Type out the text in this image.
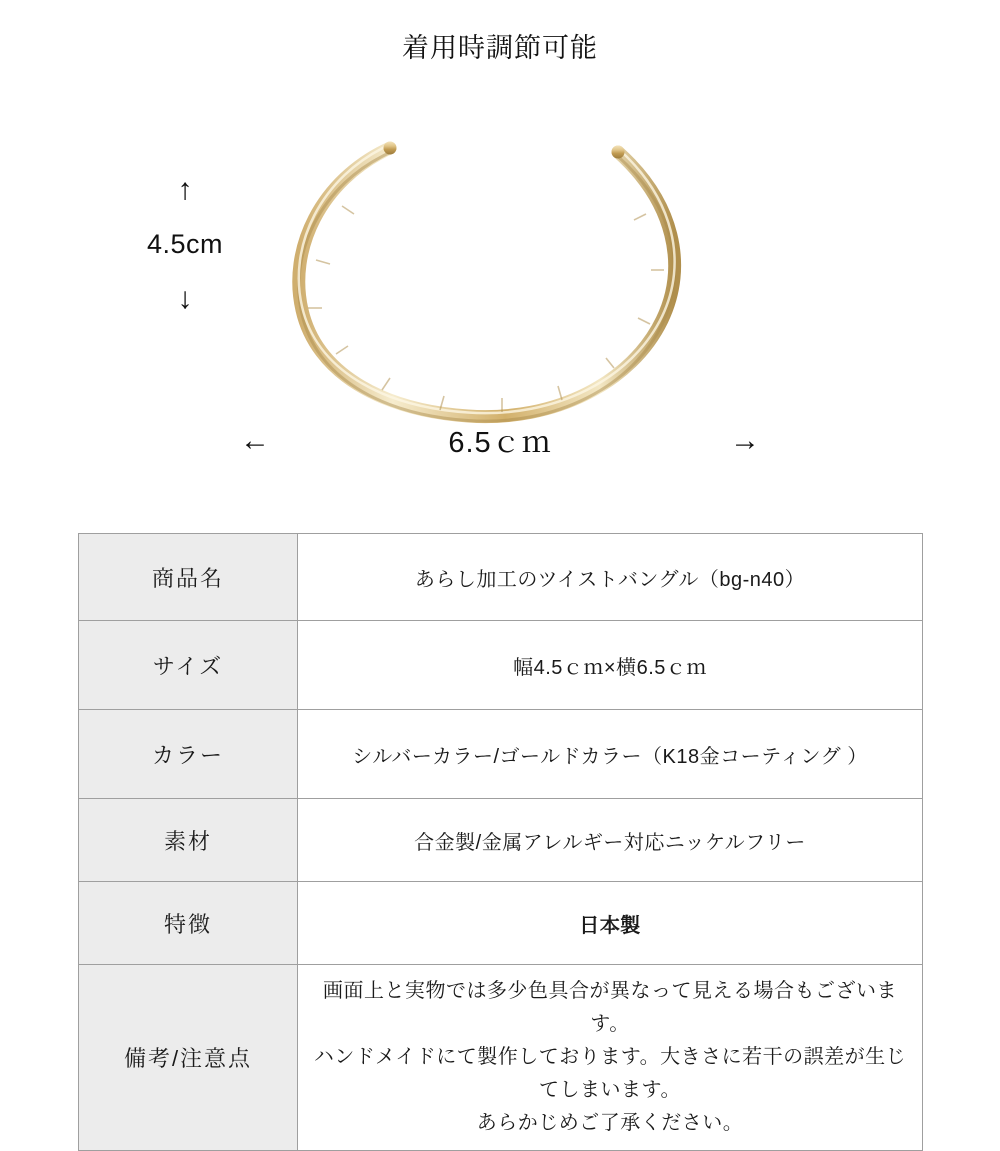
着用時調節可能
↑
4.5cm
↓
←	6.5ｃｍ	→
商品名	あらし加工のツイストバングル（bg-n40）
サイズ	幅4.5ｃｍ×横6.5ｃｍ
カラー	シルバーカラー/ゴールドカラー（K18金コーティング ）
素材	合金製/金属アレルギー対応ニッケルフリー
特徴	日本製
備考/注意点	画面上と実物では多少色具合が異なって見える場合もございます。
ハンドメイドにて製作しております。大きさに若干の誤差が生じてしまいます。
あらかじめご了承ください。
